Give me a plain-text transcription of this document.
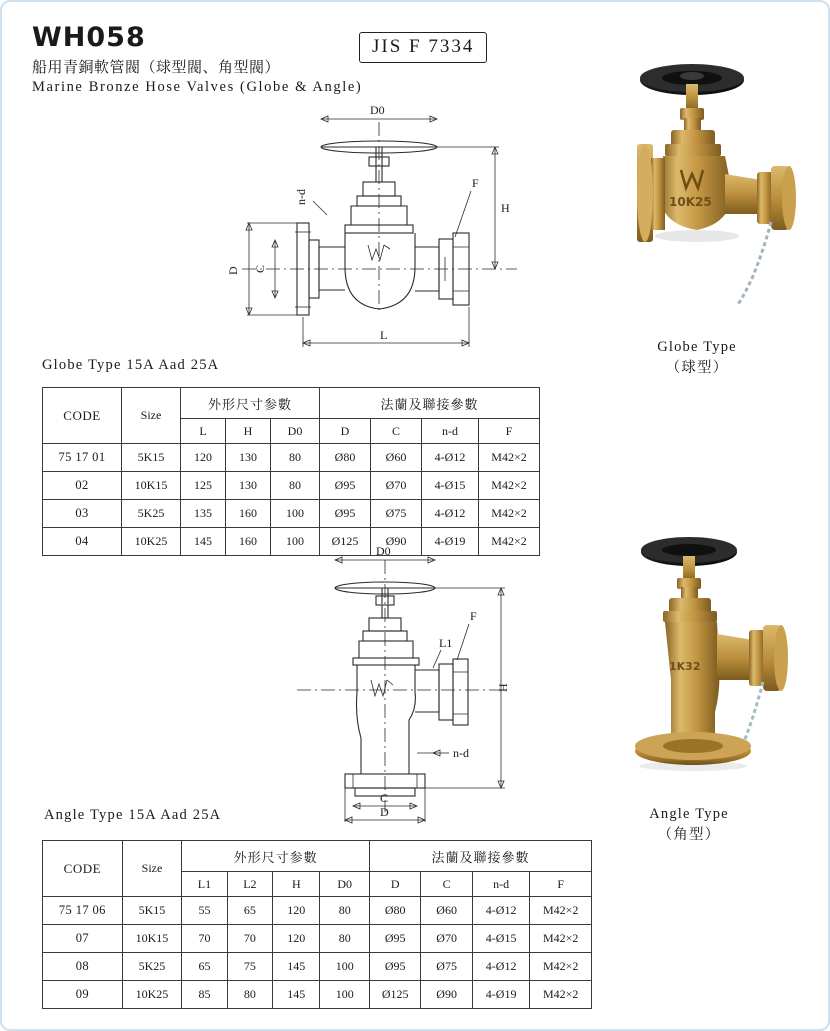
WH058
船用青銅軟管閥（球型閥、角型閥）
Marine Bronze Hose Valves (Globe & Angle)
JIS F 7334
D0
n-d
F
H
D C
L
Globe Type 15A Aad 25A
10K25
Globe Type
（球型）
CODE	Size	外形尺寸参數			法蘭及聯接參數			
		L	H	D0	D	C	n-d	F
75 17 01	5K15	120	130	80	Ø80	Ø60	4-Ø12	M42×2
02	10K15	125	130	80	Ø95	Ø70	4-Ø15	M42×2
03	5K25	135	160	100	Ø95	Ø75	4-Ø12	M42×2
04	10K25	145	160	100	Ø125	Ø90	4-Ø19	M42×2
D0
F
L1
H
n-d
C
D
Angle Type 15A Aad 25A
1K32
Angle Type
（角型）
CODE	Size	外形尺寸参數				法蘭及聯接參數			
		L1	L2	H	D0	D	C	n-d	F
75 17 06	5K15	55	65	120	80	Ø80	Ø60	4-Ø12	M42×2
07	10K15	70	70	120	80	Ø95	Ø70	4-Ø15	M42×2
08	5K25	65	75	145	100	Ø95	Ø75	4-Ø12	M42×2
09	10K25	85	80	145	100	Ø125	Ø90	4-Ø19	M42×2
